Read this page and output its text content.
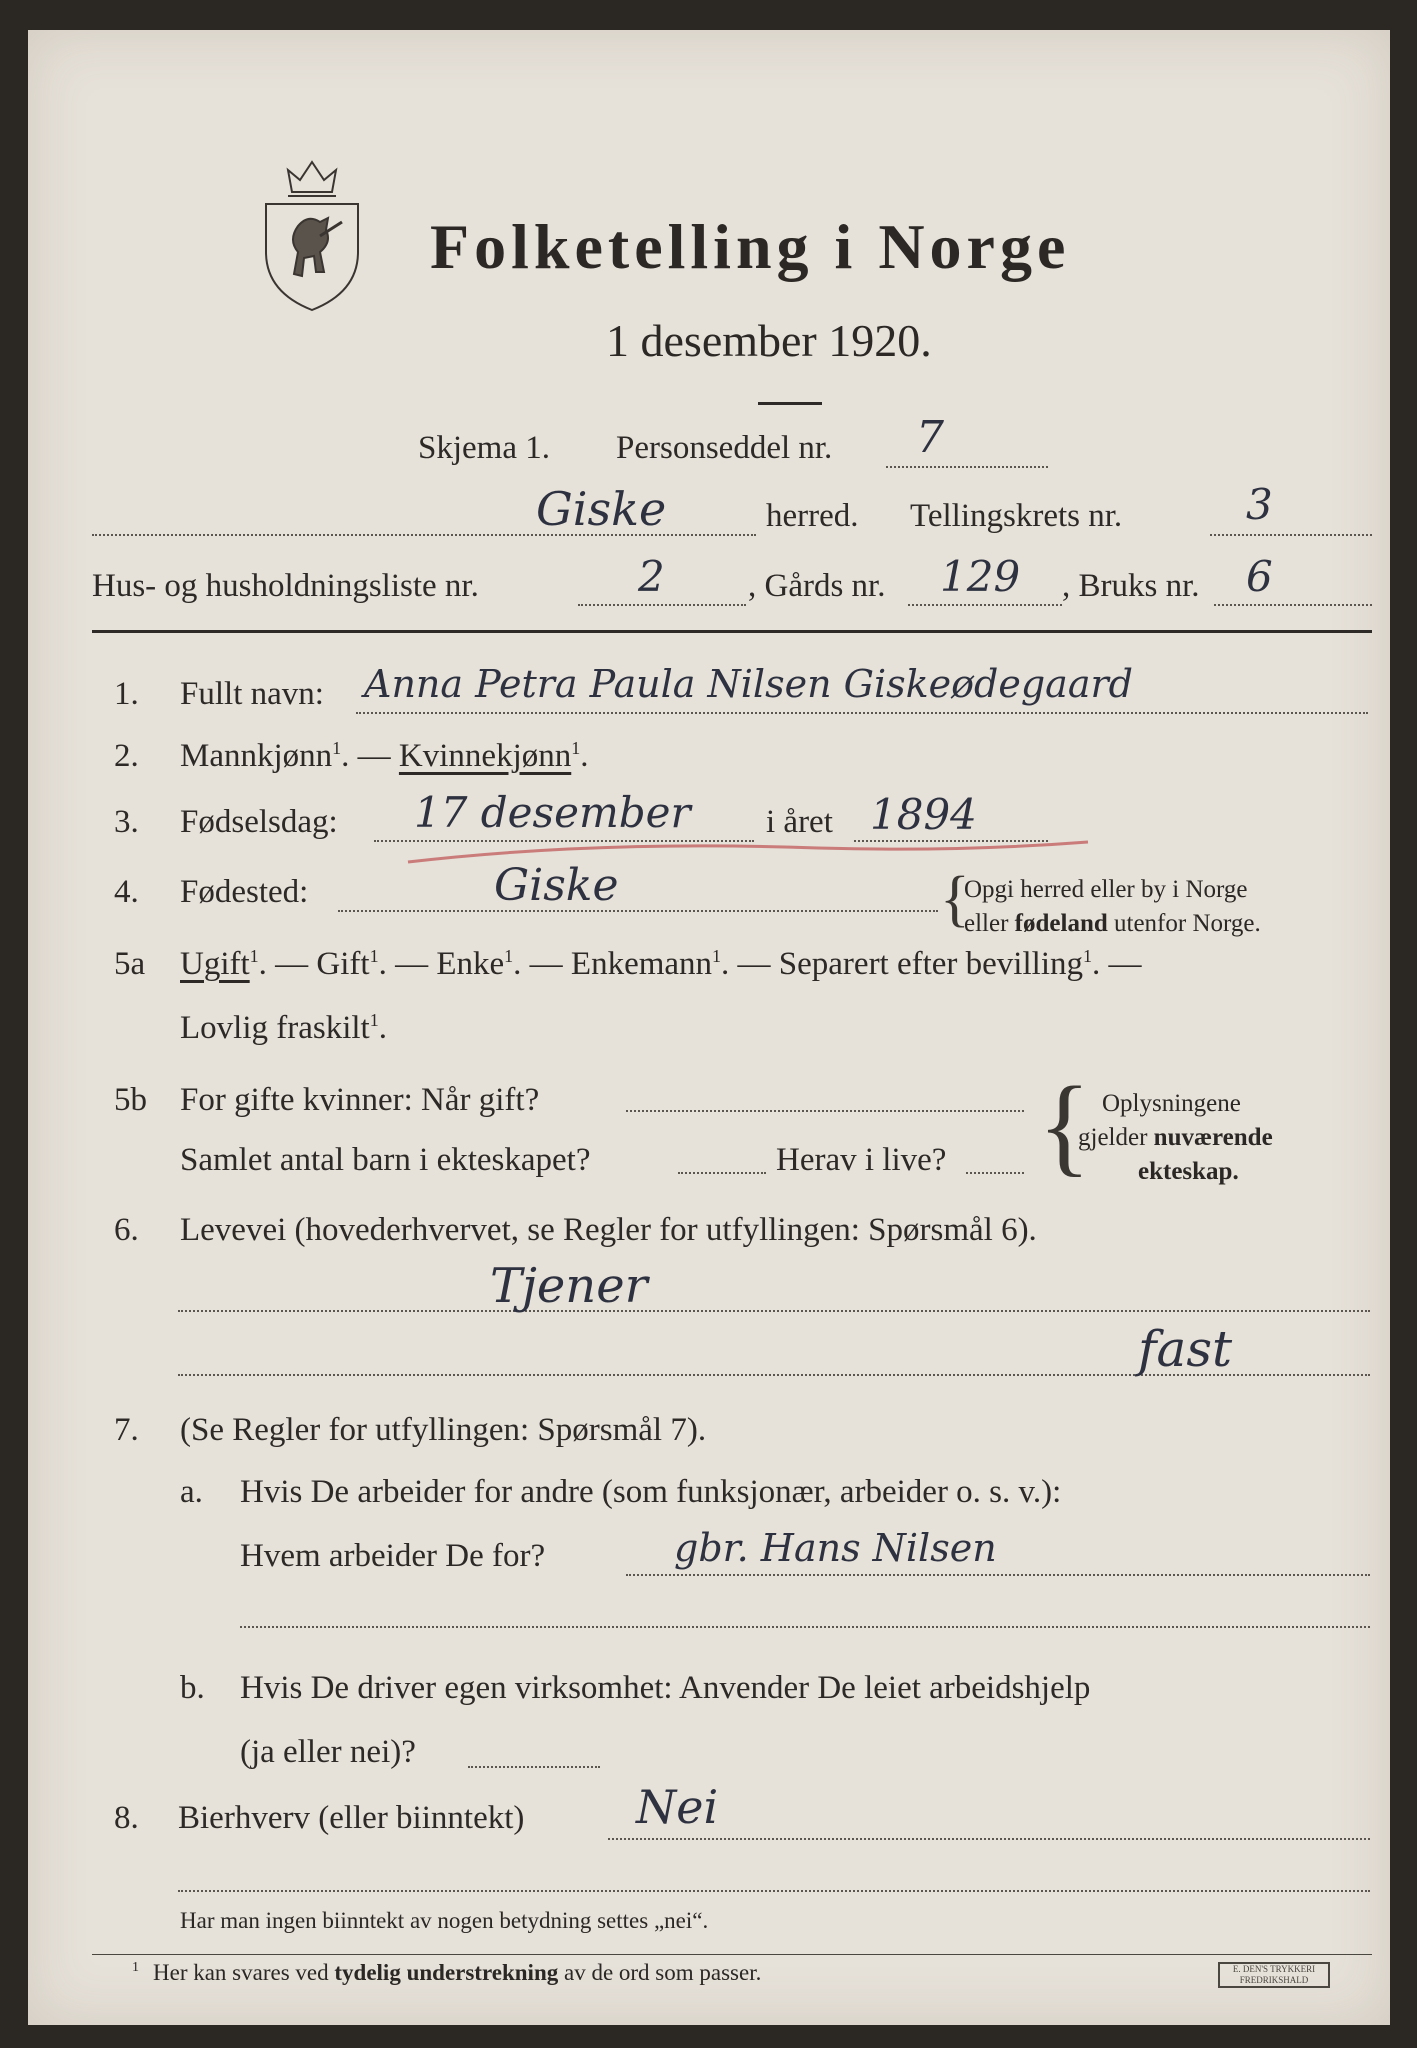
Folketelling i Norge
1 desember 1920.
Skjema 1. Personseddel nr. 7
Giske	herred. Tellingskrets nr.	3
Hus- og husholdningsliste nr.	2	, Gårds nr. 129 , Bruks nr. 6
1. Fullt navn: Anna Petra Paula Nilsen Giskeødegaard
2. Mannkjønn$^1$. — Kvinnekjønn$^1$.
3. Fødselsdag: 17 desember i året 1894
4. Fødested:	Giske	{
Opgi herred eller by i Norge
eller fødeland utenfor Norge.
5a Ugift$^1$. — Gift$^1$. — Enke$^1$. — Enkemann$^1$. — Separert efter bevilling$^1$. —
Lovlig fraskilt$^1$.
5b For gifte kvinner: Når gift?
Samlet antal barn i ekteskapet?	Herav i live? { Oplysningene
gjelder nuværende
ekteskap.
6. Levevei (hovederhvervet, se Regler for utfyllingen: Spørsmål 6).
Tjener
fast
7. (Se Regler for utfyllingen: Spørsmål 7).
a. Hvis De arbeider for andre (som funksjonær, arbeider o. s. v.):
Hvem arbeider De for?	gbr. Hans Nilsen
b. Hvis De driver egen virksomhet: Anvender De leiet arbeidshjelp
(ja eller nei)?
8. Bierhverv (eller biinntekt) Nei
Har man ingen biinntekt av nogen betydning settes „nei“.
$^1$ Her kan svares ved tydelig understrekning av de ord som passer.	E. DEN'S TRYKKERI FREDRIKSHALD
